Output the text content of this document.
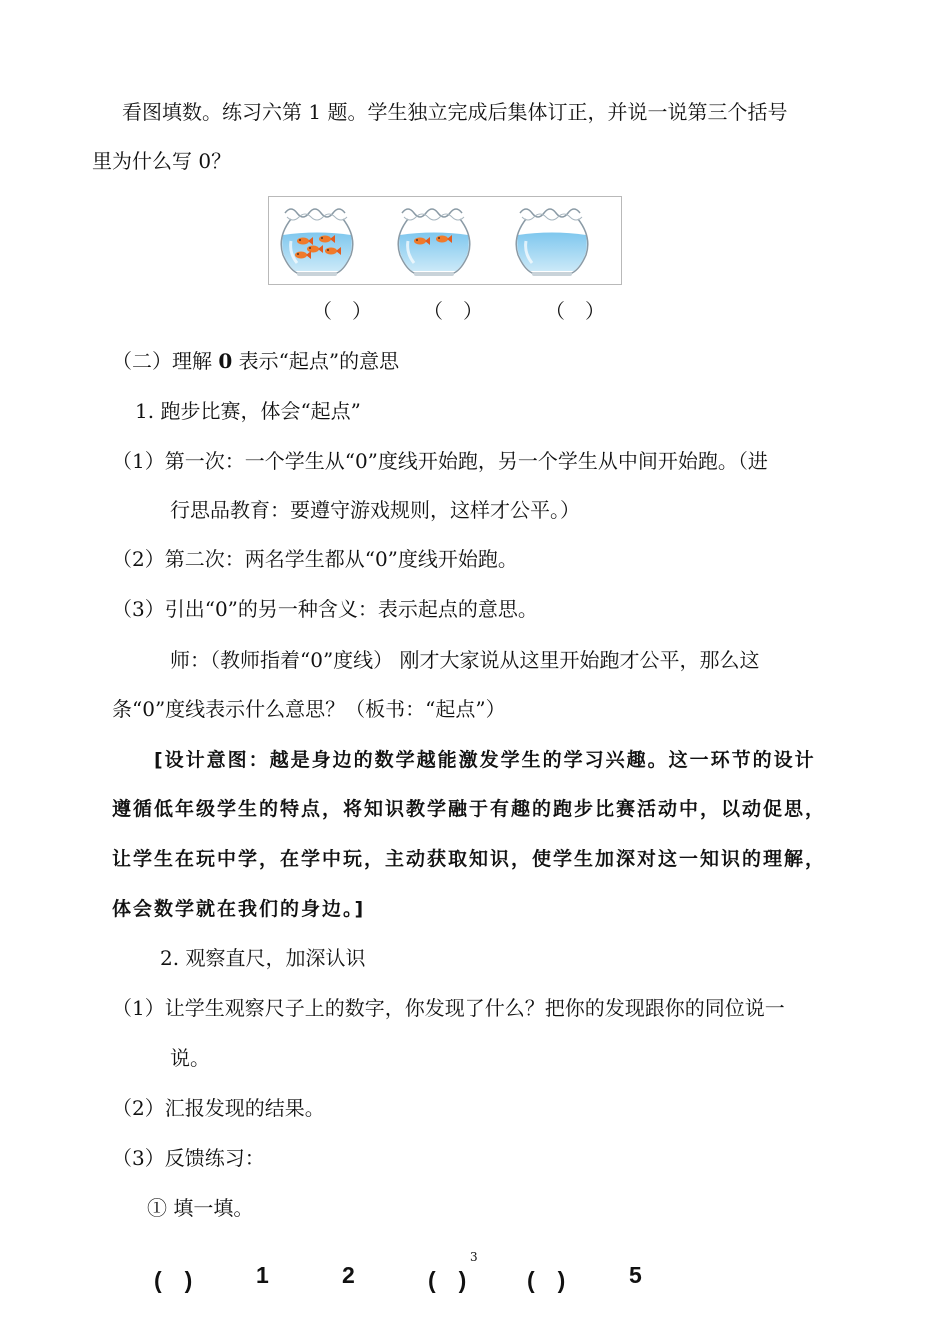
看图填数。练习六第 1 题。学生独立完成后集体订正，并说一说第三个括号
里为什么写 0？
（　）	（　）	（　）
（二）理解 0 表示“起点”的意思
1. 跑步比赛，体会“起点”
（1）第一次：一个学生从“0”度线开始跑，另一个学生从中间开始跑。（进
行思品教育：要遵守游戏规则，这样才公平。）
（2）第二次：两名学生都从“0”度线开始跑。
（3）引出“0”的另一种含义：表示起点的意思。
师：（教师指着“0”度线） 刚才大家说从这里开始跑才公平，那么这
条“0”度线表示什么意思？（板书：“起点”）
[设计意图：越是身边的数学越能激发学生的学习兴趣。这一环节的设计
遵循低年级学生的特点，将知识教学融于有趣的跑步比赛活动中，以动促思，
让学生在玩中学，在学中玩，主动获取知识，使学生加深对这一知识的理解，
体会数学就在我们的身边。]
2. 观察直尺，加深认识
（1）让学生观察尺子上的数字，你发现了什么？把你的发现跟你的同位说一
说。
（2）汇报发现的结果。
（3）反馈练习：
① 填一填。
(　)	1	2	(　)	(　)	5
3
